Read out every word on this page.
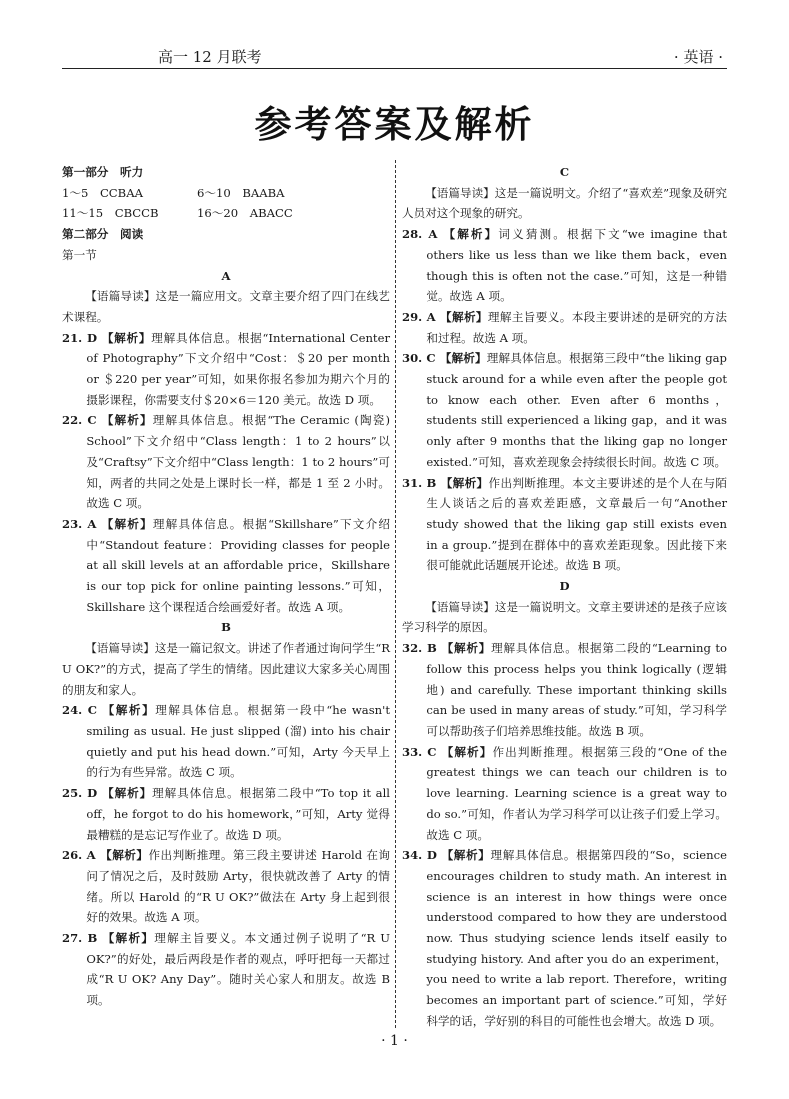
高一 12 月联考	· 英语 ·
参考答案及解析

第一部分　听力

1～5　CCBAA	6～10　BAABA
11～15　CBCCB	16～20　ABACC

第二部分　阅读

第一节

A

【语篇导读】这是一篇应用文。文章主要介绍了四门在线艺术课程。

21. D 【解析】理解具体信息。根据“International Center of Photography”下文介绍中“Cost：＄20 per month or ＄220 per year”可知，如果你报名参加为期六个月的摄影课程，你需要支付＄20×6＝120 美元。故选 D 项。

22. C 【解析】理解具体信息。根据“The Ceramic (陶瓷) School”下文介绍中“Class length：1 to 2 hours”以及“Craftsy”下文介绍中“Class length：1 to 2 hours”可知，两者的共同之处是上课时长一样，都是 1 至 2 小时。故选 C 项。

23. A 【解析】理解具体信息。根据“Skillshare”下文介绍中“Standout feature：Providing classes for people at all skill levels at an affordable price，Skillshare is our top pick for online painting lessons.”可知，Skillshare 这个课程适合绘画爱好者。故选 A 项。

B

【语篇导读】这是一篇记叙文。讲述了作者通过询问学生“R U OK?”的方式，提高了学生的情绪。因此建议大家多关心周围的朋友和家人。

24. C 【解析】理解具体信息。根据第一段中“he wasn't smiling as usual. He just slipped (溜) into his chair quietly and put his head down.”可知，Arty 今天早上的行为有些异常。故选 C 项。

25. D 【解析】理解具体信息。根据第二段中“To top it all off，he forgot to do his homework，”可知，Arty 觉得最糟糕的是忘记写作业了。故选 D 项。

26. A 【解析】作出判断推理。第三段主要讲述 Harold 在询问了情况之后，及时鼓励 Arty，很快就改善了 Arty 的情绪。所以 Harold 的“R U OK?”做法在 Arty 身上起到很好的效果。故选 A 项。

27. B 【解析】理解主旨要义。本文通过例子说明了“R U OK?”的好处，最后两段是作者的观点，呼吁把每一天都过成“R U OK? Any Day”。随时关心家人和朋友。故选 B 项。

C

【语篇导读】这是一篇说明文。介绍了“喜欢差”现象及研究人员对这个现象的研究。

28. A 【解析】词义猜测。根据下文“we imagine that others like us less than we like them back，even though this is often not the case.”可知，这是一种错觉。故选 A 项。

29. A 【解析】理解主旨要义。本段主要讲述的是研究的方法和过程。故选 A 项。

30. C 【解析】理解具体信息。根据第三段中“the liking gap stuck around for a while even after the people got to know each other. Even after 6 months，students still experienced a liking gap，and it was only after 9 months that the liking gap no longer existed.”可知，喜欢差现象会持续很长时间。故选 C 项。

31. B 【解析】作出判断推理。本文主要讲述的是个人在与陌生人谈话之后的喜欢差距感，文章最后一句“Another study showed that the liking gap still exists even in a group.”提到在群体中的喜欢差距现象。因此接下来很可能就此话题展开论述。故选 B 项。

D

【语篇导读】这是一篇说明文。文章主要讲述的是孩子应该学习科学的原因。

32. B 【解析】理解具体信息。根据第二段的“Learning to follow this process helps you think logically (逻辑地) and carefully. These important thinking skills can be used in many areas of study.”可知，学习科学可以帮助孩子们培养思维技能。故选 B 项。

33. C 【解析】作出判断推理。根据第三段的“One of the greatest things we can teach our children is to love learning. Learning science is a great way to do so.”可知，作者认为学习科学可以让孩子们爱上学习。故选 C 项。

34. D 【解析】理解具体信息。根据第四段的“So，science encourages children to study math. An interest in science is an interest in how things were once understood compared to how they are understood now. Thus studying science lends itself easily to studying history. And after you do an experiment，you need to write a lab report. Therefore，writing becomes an important part of science.”可知，学好科学的话，学好别的科目的可能性也会增大。故选 D 项。

· 1 ·
